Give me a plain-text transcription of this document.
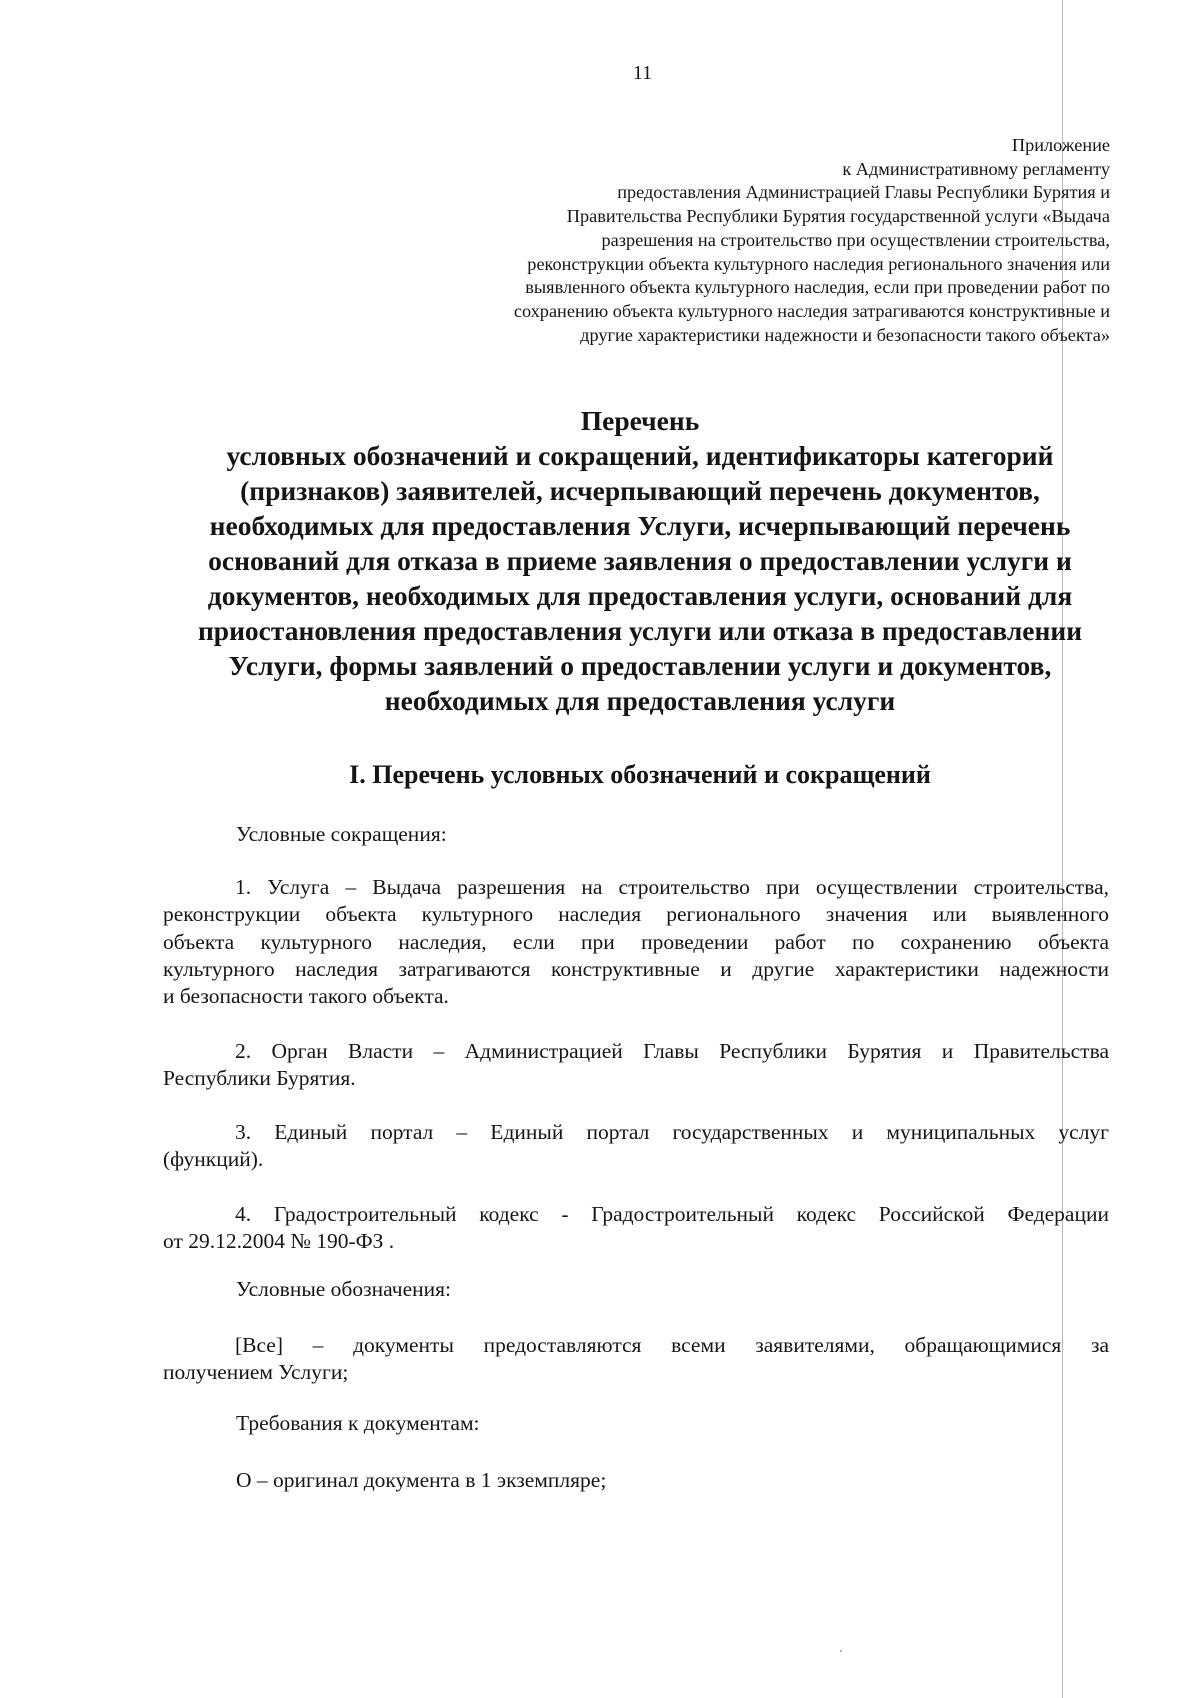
11
Приложение
к Административному регламенту
предоставления Администрацией Главы Республики Бурятия и
Правительства Республики Бурятия государственной услуги «Выдача
разрешения на строительство при осуществлении строительства,
реконструкции объекта культурного наследия регионального значения или
выявленного объекта культурного наследия, если при проведении работ по
сохранению объекта культурного наследия затрагиваются конструктивные и
другие характеристики надежности и безопасности такого объекта»
Перечень
условных обозначений и сокращений, идентификаторы категорий
(признаков) заявителей, исчерпывающий перечень документов,
необходимых для предоставления Услуги, исчерпывающий перечень
оснований для отказа в приеме заявления о предоставлении услуги и
документов, необходимых для предоставления услуги, оснований для
приостановления предоставления услуги или отказа в предоставлении
Услуги, формы заявлений о предоставлении услуги и документов,
необходимых для предоставления услуги
I. Перечень условных обозначений и сокращений
Условные сокращения:
1. Услуга – Выдача разрешения на строительство при осуществлении строительства,
реконструкции объекта культурного наследия регионального значения или выявленного
объекта культурного наследия, если при проведении работ по сохранению объекта
культурного наследия затрагиваются конструктивные и другие характеристики надежности
и безопасности такого объекта.
2. Орган Власти – Администрацией Главы Республики Бурятия и Правительства
Республики Бурятия.
3. Единый портал – Единый портал государственных и муниципальных услуг
(функций).
4. Градостроительный кодекс - Градостроительный кодекс Российской Федерации
от 29.12.2004 № 190-ФЗ .
Условные обозначения:
[Все] – документы предоставляются всеми заявителями, обращающимися за
получением Услуги;
Требования к документам:
О – оригинал документа в 1 экземпляре;
